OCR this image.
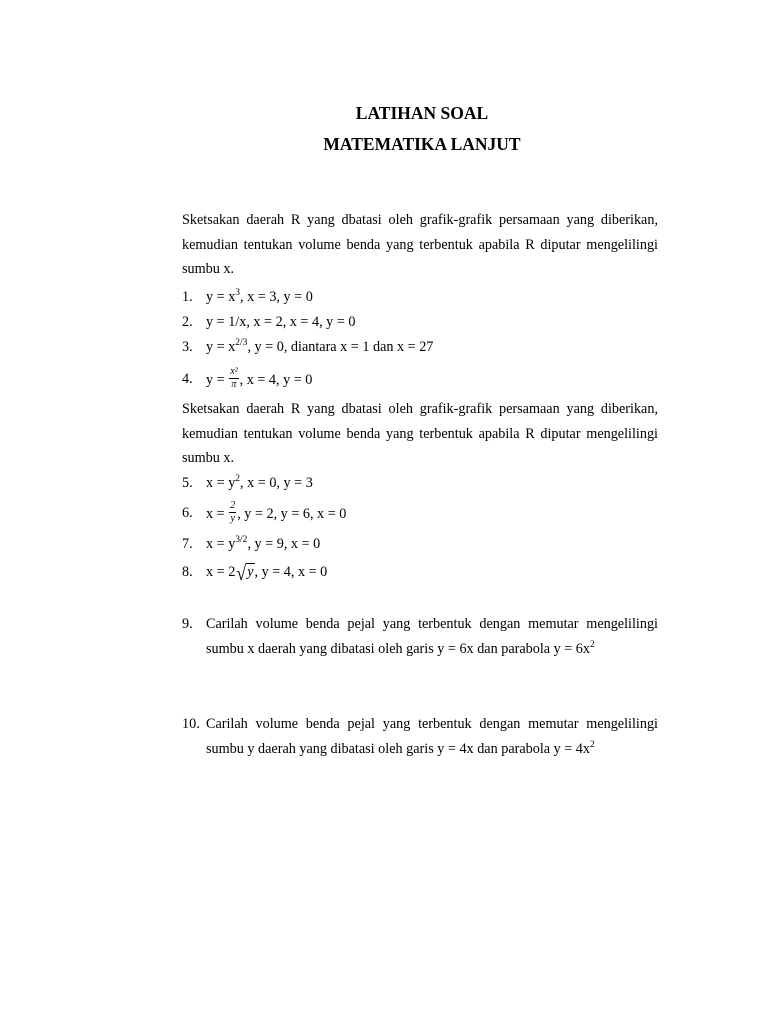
LATIHAN SOAL
MATEMATIKA LANJUT

Sketsakan daerah R yang dbatasi oleh grafik-grafik persamaan yang diberikan, kemudian tentukan volume benda yang terbentuk apabila R diputar mengelilingi sumbu x.

1. $y = x^3$, x = 3, y = 0
2. y = 1/x, x = 2, x = 4, y = 0
3. $y = x^{2/3}$, y = 0, diantara x = 1 dan x = 27
4. $y = \frac{\text{x²}}{\pi}$ , x = 4, y = 0

Sketsakan daerah R yang dbatasi oleh grafik-grafik persamaan yang diberikan, kemudian tentukan volume benda yang terbentuk apabila R diputar mengelilingi sumbu x.

5. $x = y^2$, x = 0, y = 3
6. $x = \frac{2}{y}$ , y = 2, y = 6, x = 0
7. $x = y^{3/2}$, y = 9, x = 0
8. x = 2√y, y = 4, x = 0
9. Carilah volume benda pejal yang terbentuk dengan memutar mengelilingi sumbu x daerah yang dibatasi oleh garis y = 6x dan parabola $y = 6x^2$
10. Carilah volume benda pejal yang terbentuk dengan memutar mengelilingi sumbu y daerah yang dibatasi oleh garis y = 4x dan parabola $y = 4x^2$
